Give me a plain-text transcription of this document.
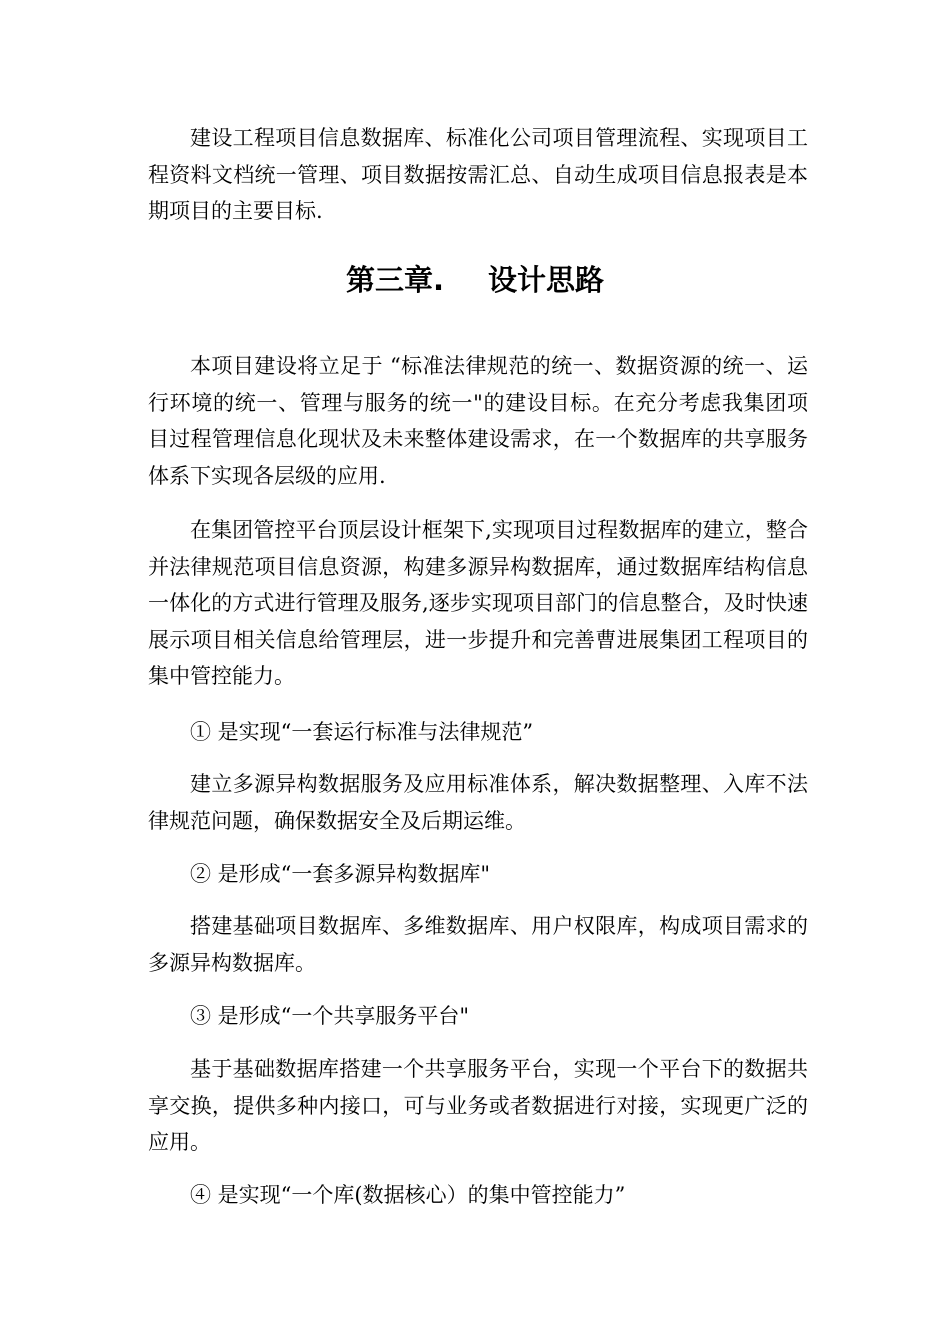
建设工程项目信息数据库、标准化公司项目管理流程、实现项目工程资料文档统一管理、项目数据按需汇总、自动生成项目信息报表是本期项目的主要目标.

第三章. 设计思路

本项目建设将立足于 “标准法律规范的统一、数据资源的统一、运行环境的统一、管理与服务的统一"的建设目标。在充分考虑我集团项目过程管理信息化现状及未来整体建设需求，在一个数据库的共享服务体系下实现各层级的应用.

在集团管控平台顶层设计框架下,实现项目过程数据库的建立，整合并法律规范项目信息资源，构建多源异构数据库，通过数据库结构信息一体化的方式进行管理及服务,逐步实现项目部门的信息整合，及时快速展示项目相关信息给管理层，进一步提升和完善曹进展集团工程项目的集中管控能力。

① 是实现“一套运行标准与法律规范”

建立多源异构数据服务及应用标准体系，解决数据整理、入库不法律规范问题，确保数据安全及后期运维。

② 是形成“一套多源异构数据库"

搭建基础项目数据库、多维数据库、用户权限库，构成项目需求的多源异构数据库。

③ 是形成“一个共享服务平台"

基于基础数据库搭建一个共享服务平台，实现一个平台下的数据共享交换，提供多种内接口，可与业务或者数据进行对接，实现更广泛的应用。

④ 是实现“一个库(数据核心）的集中管控能力”
